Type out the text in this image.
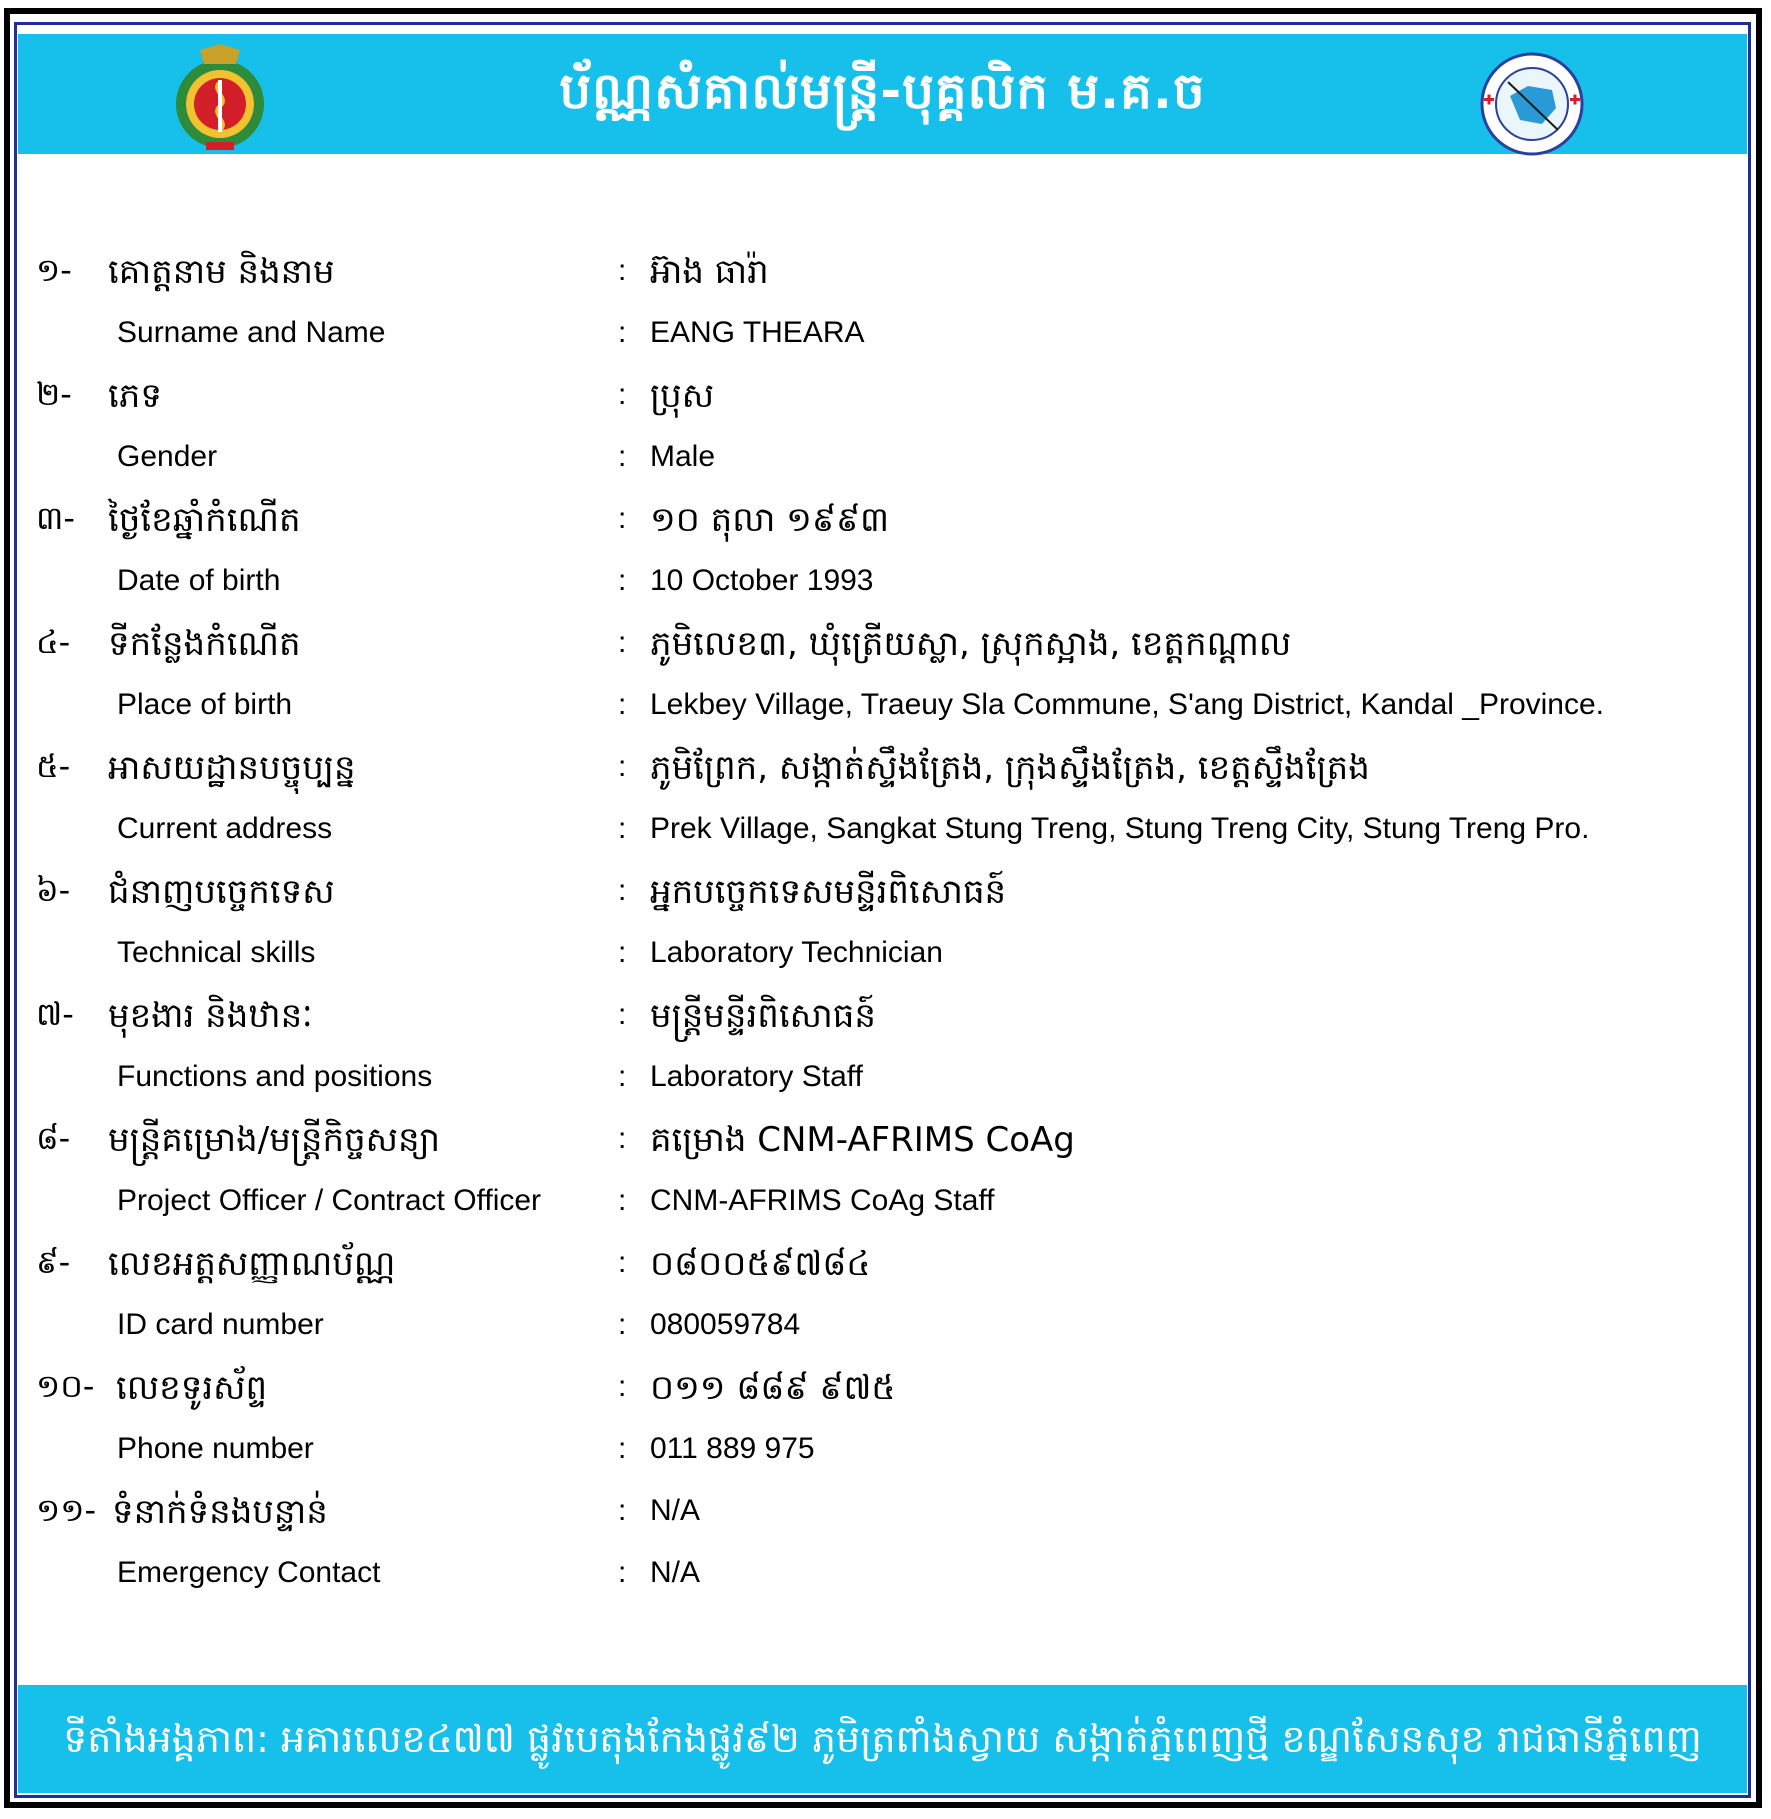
ប័ណ្ណសំគាល់មន្ត្រី-បុគ្គលិក ម.គ.ច
១- គោត្តនាម និងនាម	: អ៊ាង ធារ៉ា
Surname and Name	: EANG THEARA
២- ភេទ	: ប្រុស
Gender	: Male
៣- ថ្ងៃខែឆ្នាំកំណើត	: ១០ តុលា ១៩៩៣
Date of birth	: 10 October 1993
៤- ទីកន្លែងកំណើត	: ភូមិលេខ៣, ឃុំត្រើយស្លា, ស្រុកស្អាង, ខេត្តកណ្តាល
Place of birth	: Lekbey Village, Traeuy Sla Commune, S'ang District, Kandal _Province.
៥- អាសយដ្ឋានបច្ចុប្បន្ន	: ភូមិព្រែក, សង្កាត់ស្ទឹងត្រែង, ក្រុងស្ទឹងត្រែង, ខេត្តស្ទឹងត្រែង
Current address	: Prek Village, Sangkat Stung Treng, Stung Treng City, Stung Treng Pro.
៦- ជំនាញបច្ចេកទេស	: អ្នកបច្ចេកទេសមន្ទីរពិសោធន៍
Technical skills	: Laboratory Technician
៧- មុខងារ និងឋានៈ	: មន្ត្រីមន្ទីរពិសោធន៍
Functions and positions	: Laboratory Staff
៨- មន្ត្រីគម្រោង/មន្ត្រីកិច្ចសន្យា	: គម្រោង CNM-AFRIMS CoAg
Project Officer / Contract Officer	: CNM-AFRIMS CoAg Staff
៩- លេខអត្តសញ្ញាណប័ណ្ណ	: ០៨០០៥៩៧៨៤
ID card number	: 080059784
១០- លេខទូរស័ព្ទ	: ០១១ ៨៨៩ ៩៧៥
Phone number	: 011 889 975
១១- ទំនាក់ទំនងបន្ទាន់	: N/A
Emergency Contact	: N/A
ទីតាំងអង្គភាព: អគារលេខ៤៧៧ ផ្លូវបេតុងកែងផ្លូវ៩២ ភូមិត្រពាំងស្វាយ សង្កាត់ភ្នំពេញថ្មី ខណ្ឌសែនសុខ រាជធានីភ្នំពេញ
